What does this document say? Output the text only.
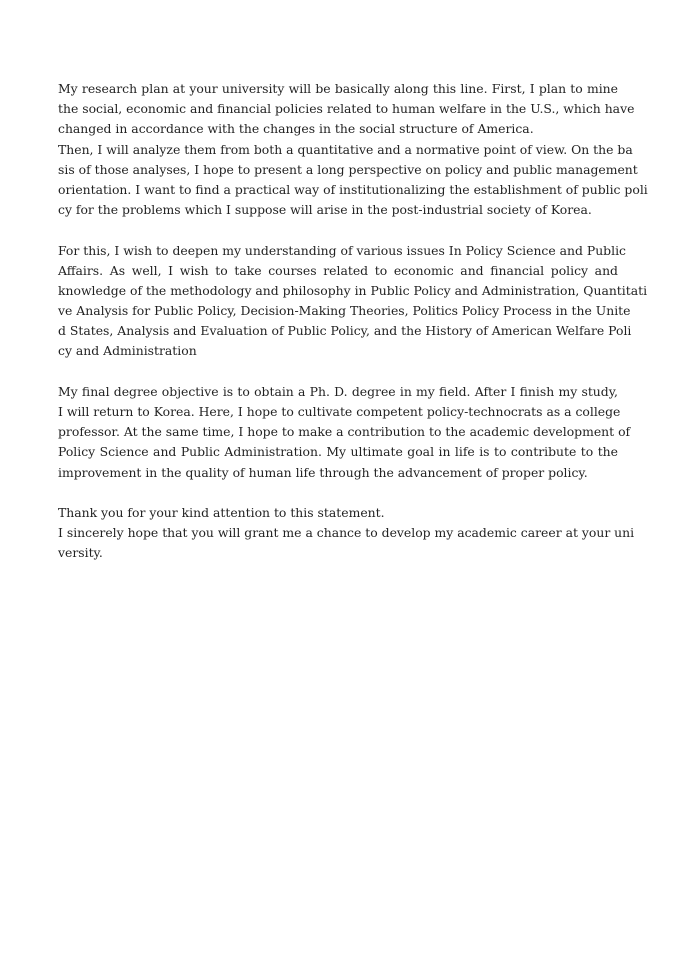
My research plan at your university will be basically along this line. First, I plan to mine
the social, economic and financial policies related to human welfare in the U.S., which have
changed in accordance with the changes in the social structure of America.
Then, I will analyze them from both a quantitative and a normative point of view. On the ba
sis of those analyses, I hope to present a long perspective on policy and public management
orientation. I want to find a practical way of institutionalizing the establishment of public poli
cy for the problems which I suppose will arise in the post-industrial society of Korea.
For this, I wish to deepen my understanding of various issues In Policy Science and Public
Affairs. As well, I wish to take courses related to economic and financial policy and
knowledge of the methodology and philosophy in Public Policy and Administration, Quantitati
ve Analysis for Public Policy, Decision-Making Theories, Politics Policy Process in the Unite
d States, Analysis and Evaluation of Public Policy, and the History of American Welfare Poli
cy and Administration
My final degree objective is to obtain a Ph. D. degree in my field. After I finish my study,
I will return to Korea. Here, I hope to cultivate competent policy-technocrats as a college
professor. At the same time, I hope to make a contribution to the academic development of
Policy Science and Public Administration. My ultimate goal in life is to contribute to the
improvement in the quality of human life through the advancement of proper policy.
Thank you for your kind attention to this statement.
I sincerely hope that you will grant me a chance to develop my academic career at your uni
versity.
